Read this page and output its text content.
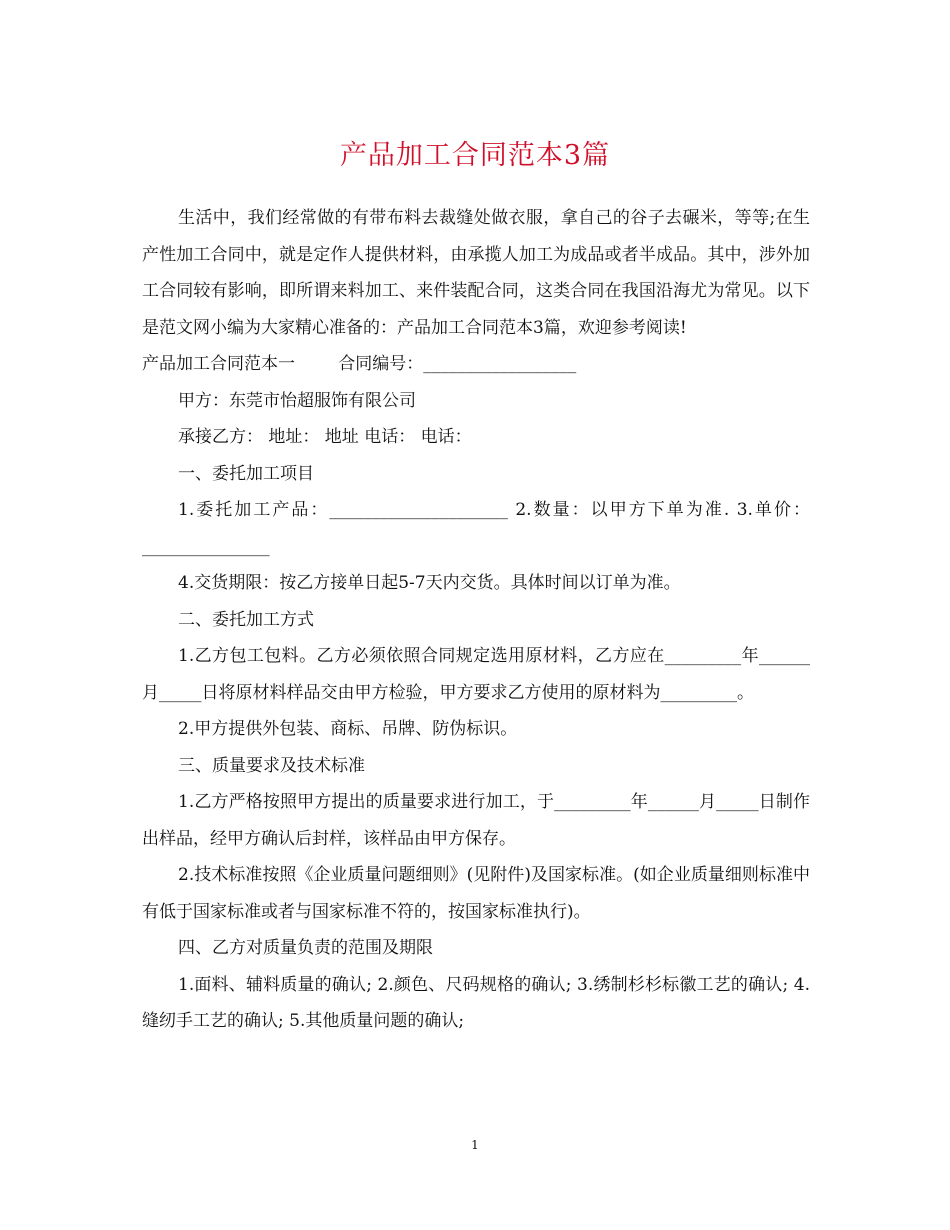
产品加工合同范本3篇

生活中，我们经常做的有带布料去裁缝处做衣服，拿自己的谷子去碾米，等等;在生产性加工合同中，就是定作人提供材料，由承揽人加工为成品或者半成品。其中，涉外加工合同较有影响，即所谓来料加工、来件装配合同，这类合同在我国沿海尤为常见。以下是范文网小编为大家精心准备的：产品加工合同范本3篇，欢迎参考阅读!

产品加工合同范本一	合同编号：__________________

甲方：东莞市怡超服饰有限公司

承接乙方： 地址： 地址 电话： 电话：

一、委托加工项目

1.委托加工产品：_____________________ 2.数量：以甲方下单为准. 3.单价：_______________

4.交货期限：按乙方接单日起5-7天内交货。具体时间以订单为准。

二、委托加工方式

1.乙方包工包料。乙方必须依照合同规定选用原材料，乙方应在_________年______ 月_____日将原材料样品交由甲方检验，甲方要求乙方使用的原材料为_________。

2.甲方提供外包装、商标、吊牌、防伪标识。

三、质量要求及技术标准

1.乙方严格按照甲方提出的质量要求进行加工，于_________年______月_____日制作出样品，经甲方确认后封样，该样品由甲方保存。

2.技术标准按照《企业质量问题细则》(见附件)及国家标准。(如企业质量细则标准中有低于国家标准或者与国家标准不符的，按国家标准执行)。

四、乙方对质量负责的范围及期限

1.面料、辅料质量的确认; 2.颜色、尺码规格的确认; 3.绣制杉杉标徽工艺的确认; 4.缝纫手工艺的确认; 5.其他质量问题的确认;

1
